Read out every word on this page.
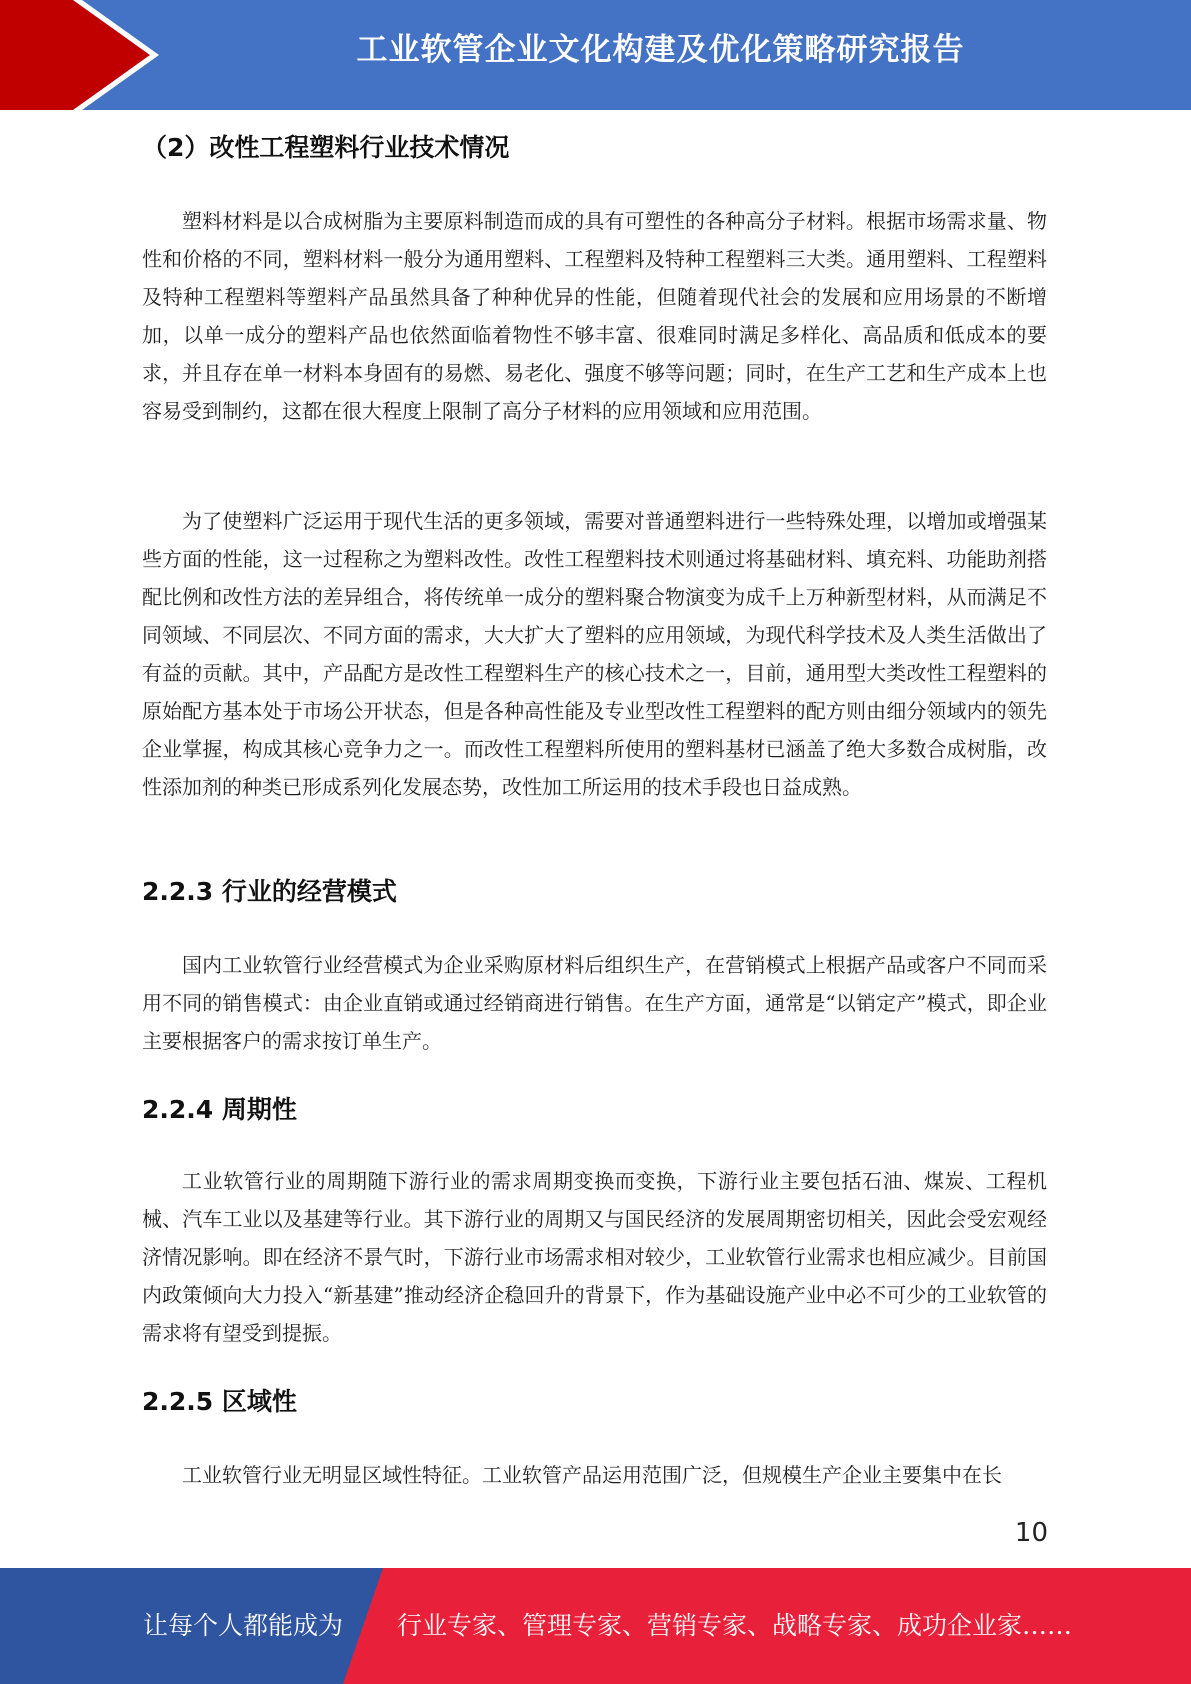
工业软管企业文化构建及优化策略研究报告
（2）改性工程塑料行业技术情况

塑料材料是以合成树脂为主要原料制造而成的具有可塑性的各种高分子材料。根据市场需求量、物性和价格的不同，塑料材料一般分为通用塑料、工程塑料及特种工程塑料三大类。通用塑料、工程塑料及特种工程塑料等塑料产品虽然具备了种种优异的性能，但随着现代社会的发展和应用场景的不断增加，以单一成分的塑料产品也依然面临着物性不够丰富、很难同时满足多样化、高品质和低成本的要求，并且存在单一材料本身固有的易燃、易老化、强度不够等问题；同时，在生产工艺和生产成本上也容易受到制约，这都在很大程度上限制了高分子材料的应用领域和应用范围。

为了使塑料广泛运用于现代生活的更多领域，需要对普通塑料进行一些特殊处理，以增加或增强某些方面的性能，这一过程称之为塑料改性。改性工程塑料技术则通过将基础材料、填充料、功能助剂搭配比例和改性方法的差异组合，将传统单一成分的塑料聚合物演变为成千上万种新型材料，从而满足不同领域、不同层次、不同方面的需求，大大扩大了塑料的应用领域，为现代科学技术及人类生活做出了有益的贡献。其中，产品配方是改性工程塑料生产的核心技术之一，目前，通用型大类改性工程塑料的原始配方基本处于市场公开状态，但是各种高性能及专业型改性工程塑料的配方则由细分领域内的领先企业掌握，构成其核心竞争力之一。而改性工程塑料所使用的塑料基材已涵盖了绝大多数合成树脂，改性添加剂的种类已形成系列化发展态势，改性加工所运用的技术手段也日益成熟。

2.2.3 行业的经营模式

国内工业软管行业经营模式为企业采购原材料后组织生产，在营销模式上根据产品或客户不同而采用不同的销售模式：由企业直销或通过经销商进行销售。在生产方面，通常是“以销定产”模式，即企业主要根据客户的需求按订单生产。

2.2.4 周期性

工业软管行业的周期随下游行业的需求周期变换而变换，下游行业主要包括石油、煤炭、工程机械、汽车工业以及基建等行业。其下游行业的周期又与国民经济的发展周期密切相关，因此会受宏观经济情况影响。即在经济不景气时，下游行业市场需求相对较少，工业软管行业需求也相应减少。目前国内政策倾向大力投入“新基建”推动经济企稳回升的背景下，作为基础设施产业中必不可少的工业软管的需求将有望受到提振。

2.2.5 区域性

工业软管行业无明显区域性特征。工业软管产品运用范围广泛，但规模生产企业主要集中在长

10
让每个人都能成为 行业专家、管理专家、营销专家、战略专家、成功企业家……
